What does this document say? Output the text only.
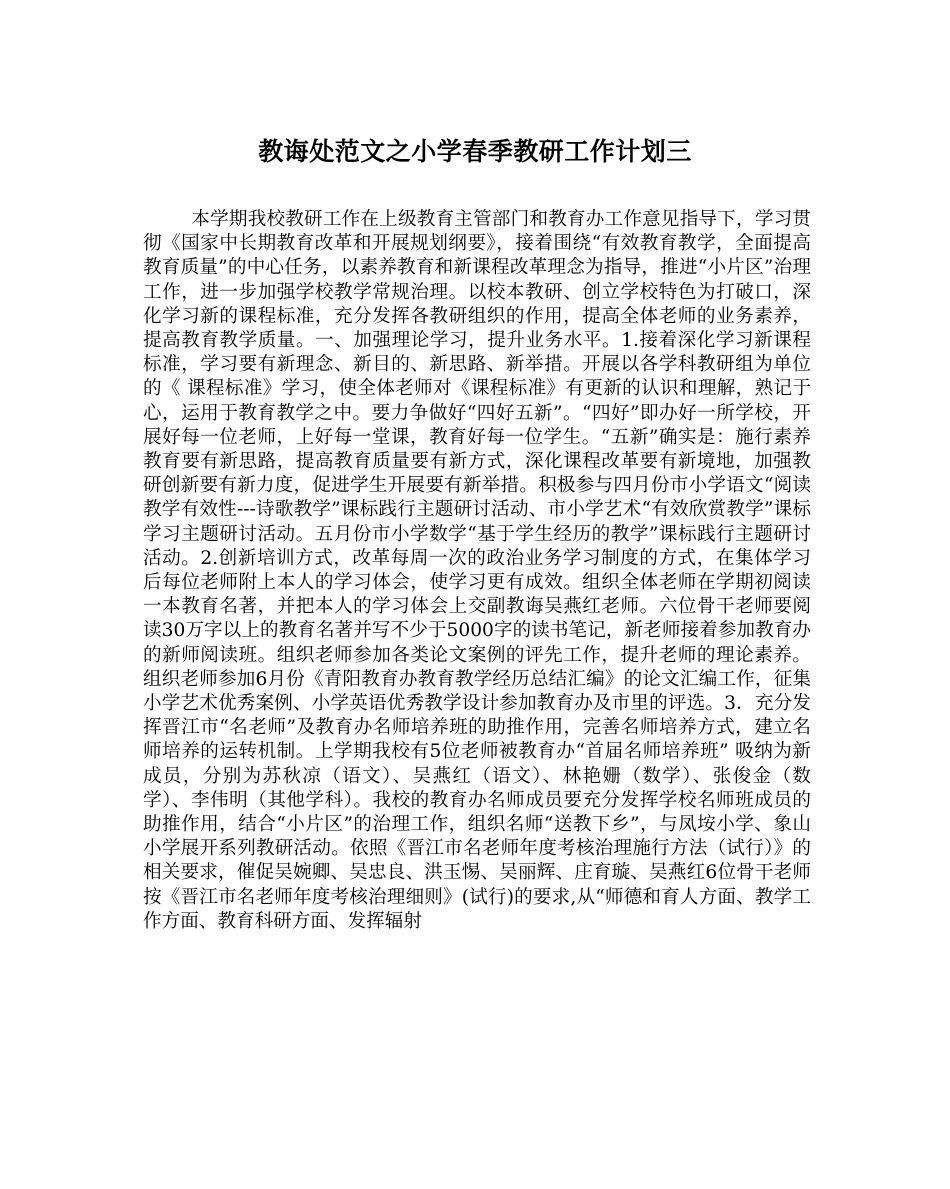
教诲处范文之小学春季教研工作计划三

本学期我校教研工作在上级教育主管部门和教育办工作意见指导下，学习贯彻《国家中长期教育改革和开展规划纲要》，接着围绕“有效教育教学，全面提高教育质量”的中心任务，以素养教育和新课程改革理念为指导，推进“小片区”治理工作，进一步加强学校教学常规治理。以校本教研、创立学校特色为打破口，深化学习新的课程标准，充分发挥各教研组织的作用，提高全体老师的业务素养，提高教育教学质量。一、加强理论学习，提升业务水平。1.接着深化学习新课程标准，学习要有新理念、新目的、新思路、新举措。开展以各学科教研组为单位的《 课程标准》学习，使全体老师对《课程标准》有更新的认识和理解，熟记于心，运用于教育教学之中。要力争做好“四好五新”。“四好”即办好一所学校，开展好每一位老师，上好每一堂课，教育好每一位学生。“五新”确实是：施行素养教育要有新思路，提高教育质量要有新方式，深化课程改革要有新境地，加强教研创新要有新力度，促进学生开展要有新举措。积极参与四月份市小学语文“阅读教学有效性---诗歌教学”课标践行主题研讨活动、市小学艺术“有效欣赏教学”课标学习主题研讨活动。五月份市小学数学“基于学生经历的教学”课标践行主题研讨活动。2.创新培训方式，改革每周一次的政治业务学习制度的方式，在集体学习后每位老师附上本人的学习体会，使学习更有成效。组织全体老师在学期初阅读一本教育名著，并把本人的学习体会上交副教诲吴燕红老师。六位骨干老师要阅读30万字以上的教育名著并写不少于5000字的读书笔记，新老师接着参加教育办的新师阅读班。组织老师参加各类论文案例的评先工作，提升老师的理论素养。组织老师参加6月份《青阳教育办教育教学经历总结汇编》的论文汇编工作，征集小学艺术优秀案例、小学英语优秀教学设计参加教育办及市里的评选。3．充分发挥晋江市“名老师”及教育办名师培养班的助推作用，完善名师培养方式，建立名师培养的运转机制。上学期我校有5位老师被教育办“首届名师培养班” 吸纳为新成员，分别为苏秋凉（语文）、吴燕红（语文）、林艳姗（数学）、张俊金（数学）、李伟明（其他学科）。我校的教育办名师成员要充分发挥学校名师班成员的助推作用，结合“小片区”的治理工作，组织名师“送教下乡”，与凤垵小学、象山小学展开系列教研活动。依照《晋江市名老师年度考核治理施行方法（试行）》的相关要求，催促吴婉卿、吴忠良、洪玉惕、吴丽辉、庄育璇、吴燕红6位骨干老师按《晋江市名老师年度考核治理细则》(试行)的要求,从“师德和育人方面、教学工作方面、教育科研方面、发挥辐射
